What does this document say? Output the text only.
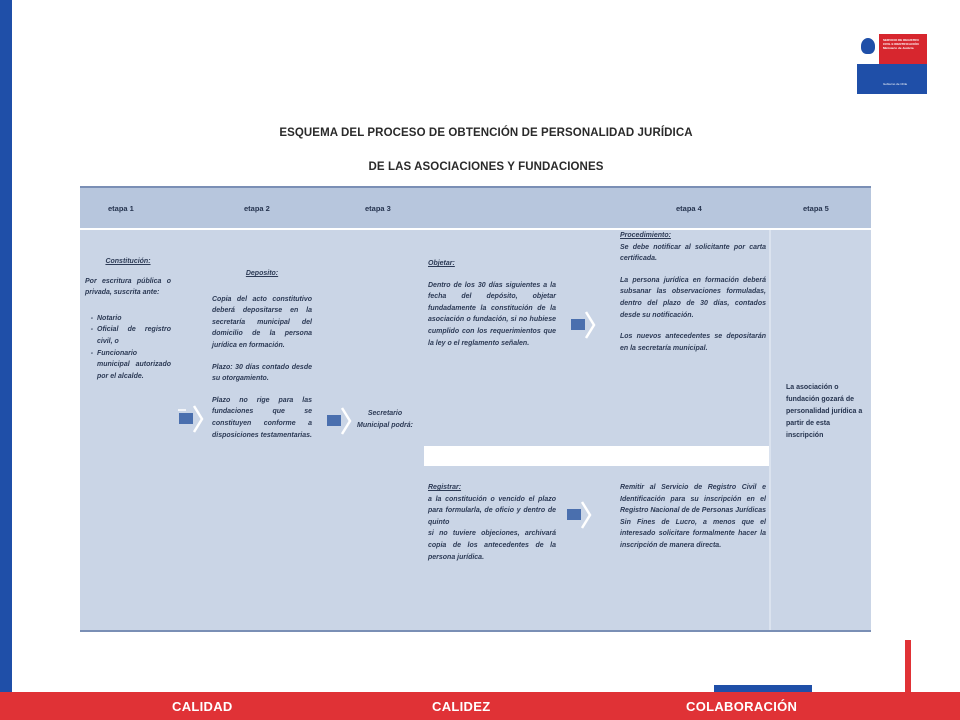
SERVICIO DE REGISTRO CIVIL E IDENTIFICACIÓN Ministerio de Justicia
Gobierno de Chile
ESQUEMA DEL PROCESO DE OBTENCIÓN DE PERSONALIDAD JURÍDICA
DE LAS ASOCIACIONES Y FUNDACIONES
etapa 1	etapa 2	etapa 3	etapa 4	etapa 5
Constitución:

Por escritura pública o privada, suscrita ante:

- Notario
- Oficial de registro civil, o
- Funcionario municipal autorizado por el alcalde.
Deposito:

Copia del acto constitutivo deberá depositarse en la secretaría municipal del domicilio de la persona jurídica en formación.

Plazo: 30 días contado desde su otorgamiento.

Plazo no rige para las fundaciones que se constituyen conforme a disposiciones testamentarias.

Secretario Municipal podrá:

Objetar:

Dentro de los 30 días siguientes a la fecha del depósito, objetar fundadamente la constitución de la asociación o fundación, si no hubiese cumplido con los requerimientos que la ley o el reglamento señalen.

Procedimiento:

Se debe notificar al solicitante por carta certificada.

La persona jurídica en formación deberá subsanar las observaciones formuladas, dentro del plazo de 30 días, contados desde su notificación.

Los nuevos antecedentes se depositarán en la secretaría municipal.

Registrar:

a la constitución o vencido el plazo para formularla, de oficio y dentro de quinto

si no tuviere objeciones, archivará copia de los antecedentes de la persona jurídica.

Remitir al Servicio de Registro Civil e Identificación para su inscripción en el Registro Nacional de de Personas Jurídicas Sin Fines de Lucro, a menos que el interesado solicitare formalmente hacer la inscripción de manera directa.

La asociación o fundación gozará de personalidad jurídica a partir de esta inscripción

CALIDAD	CALIDEZ	COLABORACIÓN
